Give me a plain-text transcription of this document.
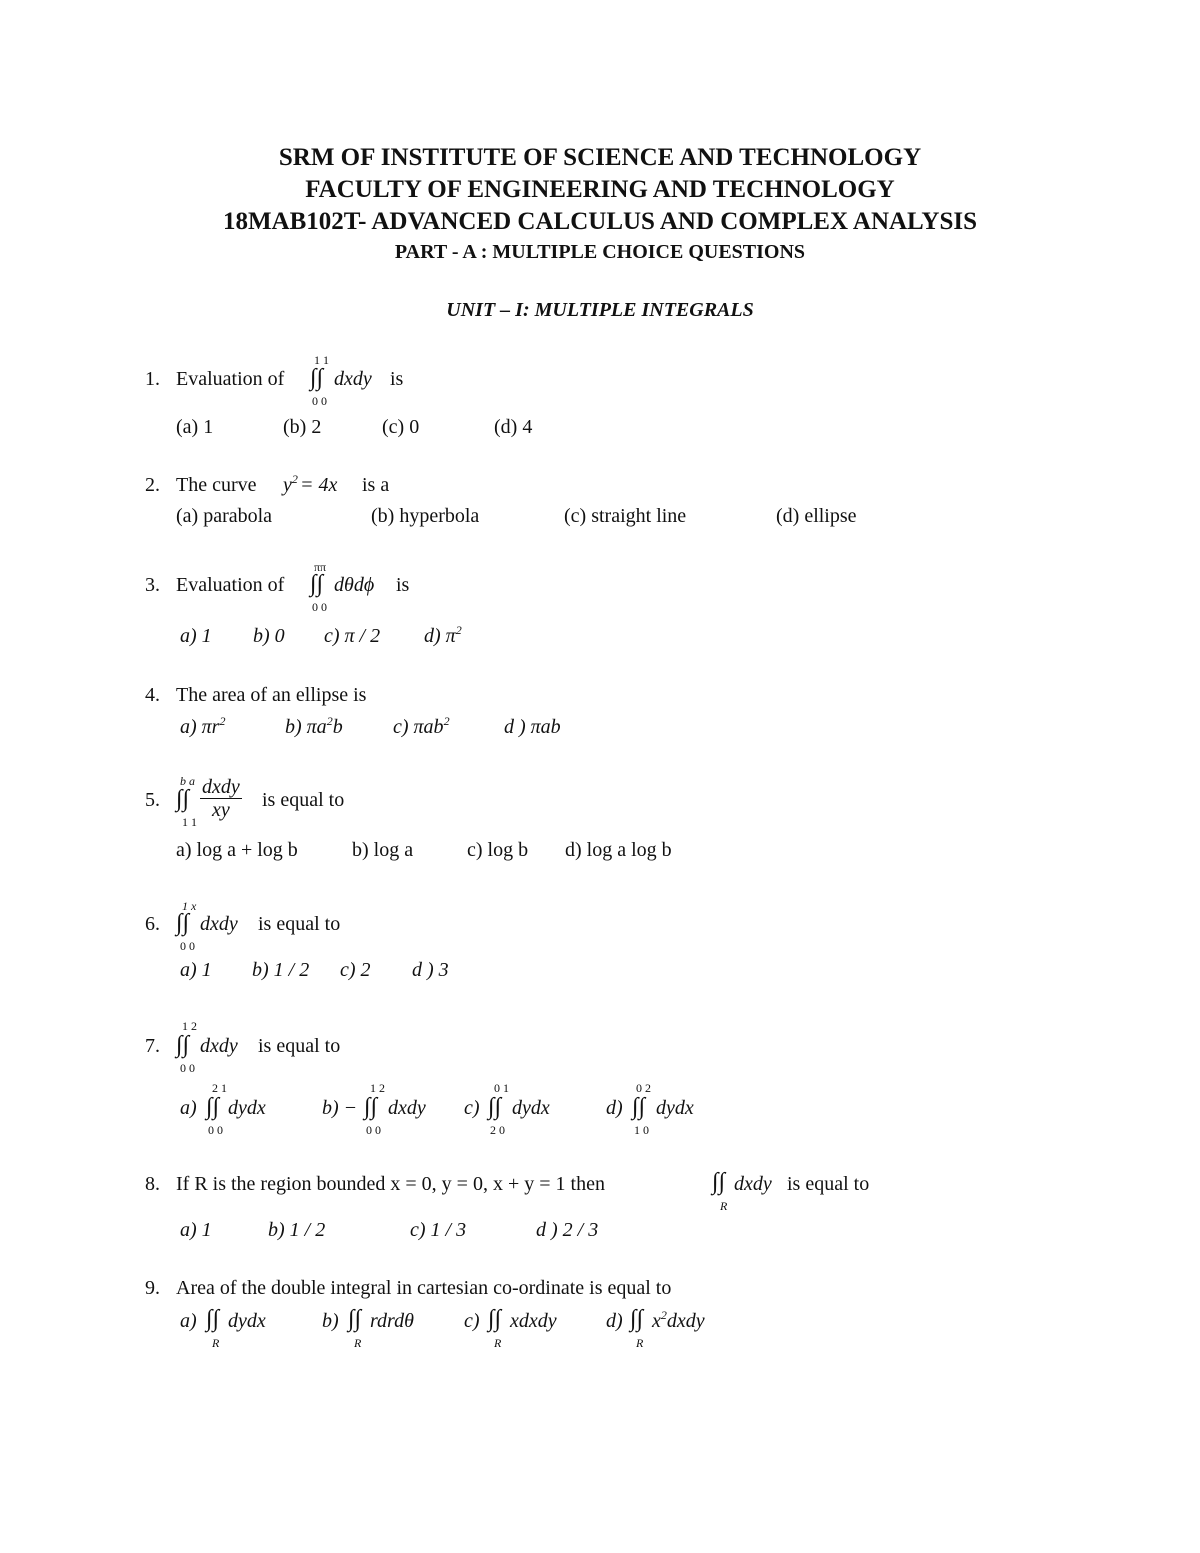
SRM OF INSTITUTE OF SCIENCE AND TECHNOLOGY
FACULTY OF ENGINEERING AND TECHNOLOGY
18MAB102T- ADVANCED CALCULUS AND COMPLEX ANALYSIS
PART - A : MULTIPLE CHOICE QUESTIONS
UNIT – I: MULTIPLE INTEGRALS
1. Evaluation of
1 1
∫∫ dxdy
0 0
is
(a) 1	(b) 2	(c) 0	(d) 4
2. The curve $y^2 = 4x$ is a
(a) parabola	(b) hyperbola	(c) straight line	(d) ellipse
3. Evaluation of
ππ
∫∫ dθdϕ
0 0
is
a) 1 b) 0 c) π / 2 d) $\pi^2$
4. The area of an ellipse is
a) $\pi r^2$	b) $\pi a^2b$	c) πab$^2$	d ) πab
5.
b a
∫∫
1 1
dxdy
xy	is equal to
a) log a + log b	b) log a	c) log b d) log a log b
6.
1 x
∫∫ dxdy
0 0
is equal to
a) 1 b) 1 / 2 c) 2 d ) 3
7.
1 2
∫∫ dxdy
0 0
is equal to
a)
2 1
∫∫ dydx
0 0
b) −
1 2
∫∫ dxdy
0 0
c)
0 1
∫∫ dydx
2 0
d)
0 2
∫∫ dydx
1 0
8. If R is the region bounded x = 0, y = 0, x + y = 1 then	∫∫ dxdy
R
is equal to
a) 1	b) 1 / 2	c) 1 / 3	d ) 2 / 3
9. Area of the double integral in cartesian co-ordinate is equal to
a) ∫∫ dydx
R
b) ∫∫ rdrdθ
R
c) ∫∫ xdxdy
R
d) ∫∫ $x^2dxdy$
R
